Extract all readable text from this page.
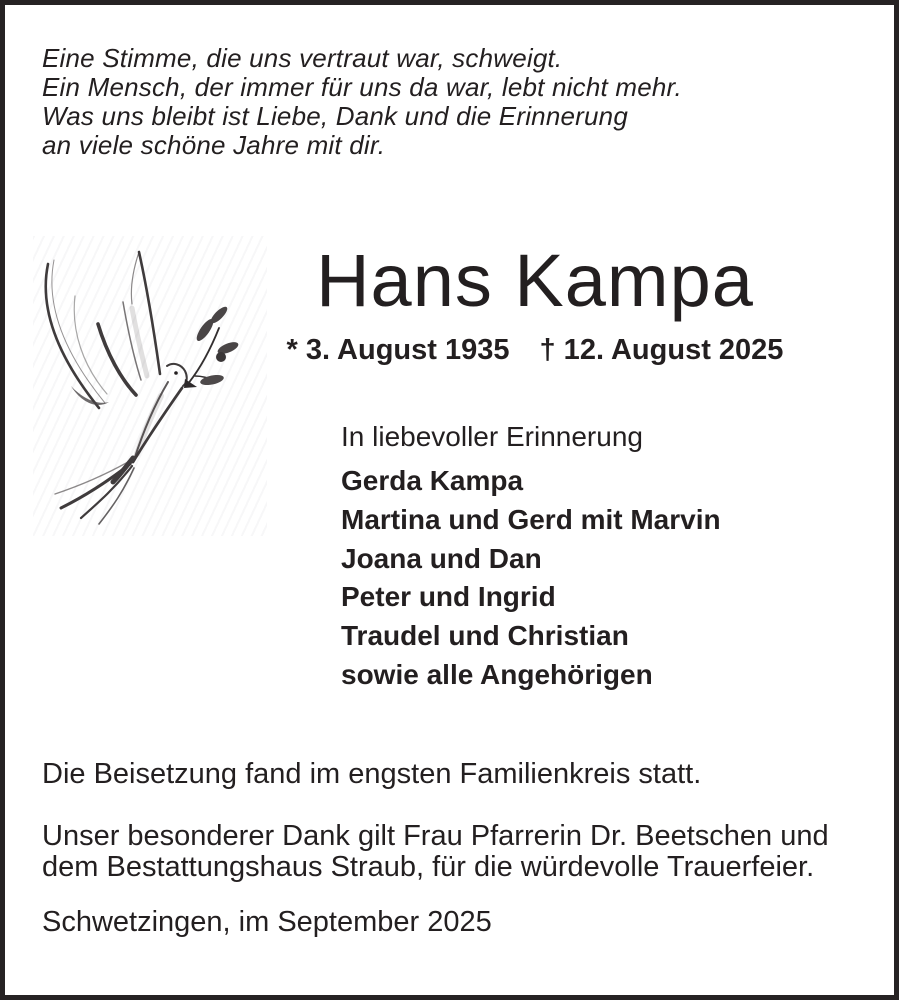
Eine Stimme, die uns vertraut war, schweigt.
Ein Mensch, der immer für uns da war, lebt nicht mehr.
Was uns bleibt ist Liebe, Dank und die Erinnerung
an viele schöne Jahre mit dir.
Hans Kampa
* 3. August 1935 † 12. August 2025
In liebevoller Erinnerung
Gerda Kampa
Martina und Gerd mit Marvin
Joana und Dan
Peter und Ingrid
Traudel und Christian
sowie alle Angehörigen
Die Beisetzung fand im engsten Familienkreis statt.
Unser besonderer Dank gilt Frau Pfarrerin Dr. Beetschen und dem Bestattungshaus Straub, für die würdevolle Trauerfeier.
Schwetzingen, im September 2025
